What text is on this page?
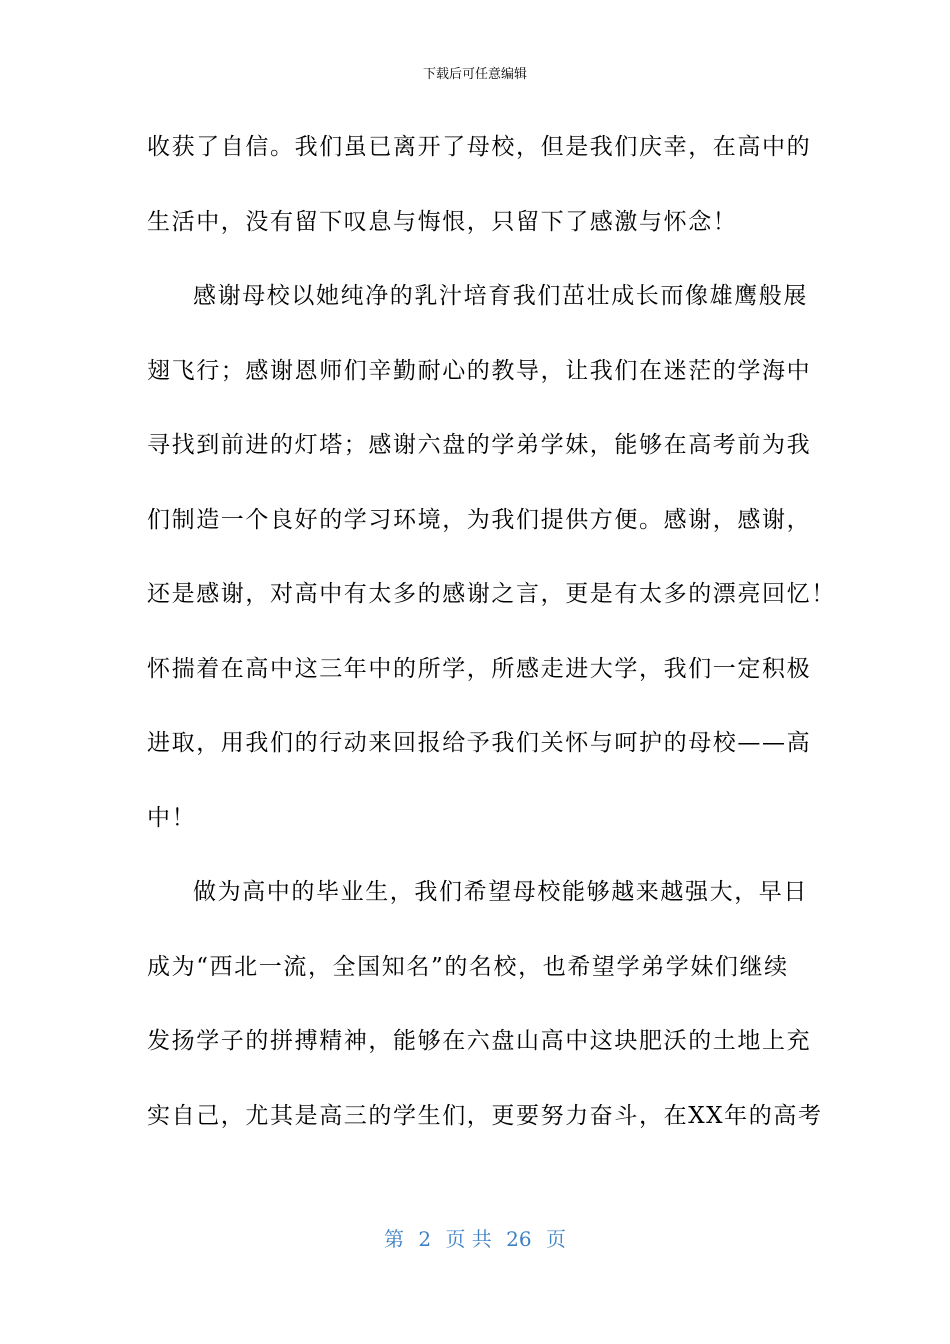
下载后可任意编辑
收获了自信。我们虽已离开了母校，但是我们庆幸，在高中的
生活中，没有留下叹息与悔恨，只留下了感激与怀念！
感谢母校以她纯净的乳汁培育我们茁壮成长而像雄鹰般展
翅飞行；感谢恩师们辛勤耐心的教导，让我们在迷茫的学海中
寻找到前进的灯塔；感谢六盘的学弟学妹，能够在高考前为我
们制造一个良好的学习环境，为我们提供方便。感谢，感谢，
还是感谢，对高中有太多的感谢之言，更是有太多的漂亮回忆！
怀揣着在高中这三年中的所学，所感走进大学，我们一定积极
进取，用我们的行动来回报给予我们关怀与呵护的母校——高
中！
做为高中的毕业生，我们希望母校能够越来越强大，早日
成为“西北一流，全国知名”的名校，也希望学弟学妹们继续
发扬学子的拼搏精神，能够在六盘山高中这块肥沃的土地上充
实自己，尤其是高三的学生们，更要努力奋斗，在XX年的高考
第 2 页 共 26 页
